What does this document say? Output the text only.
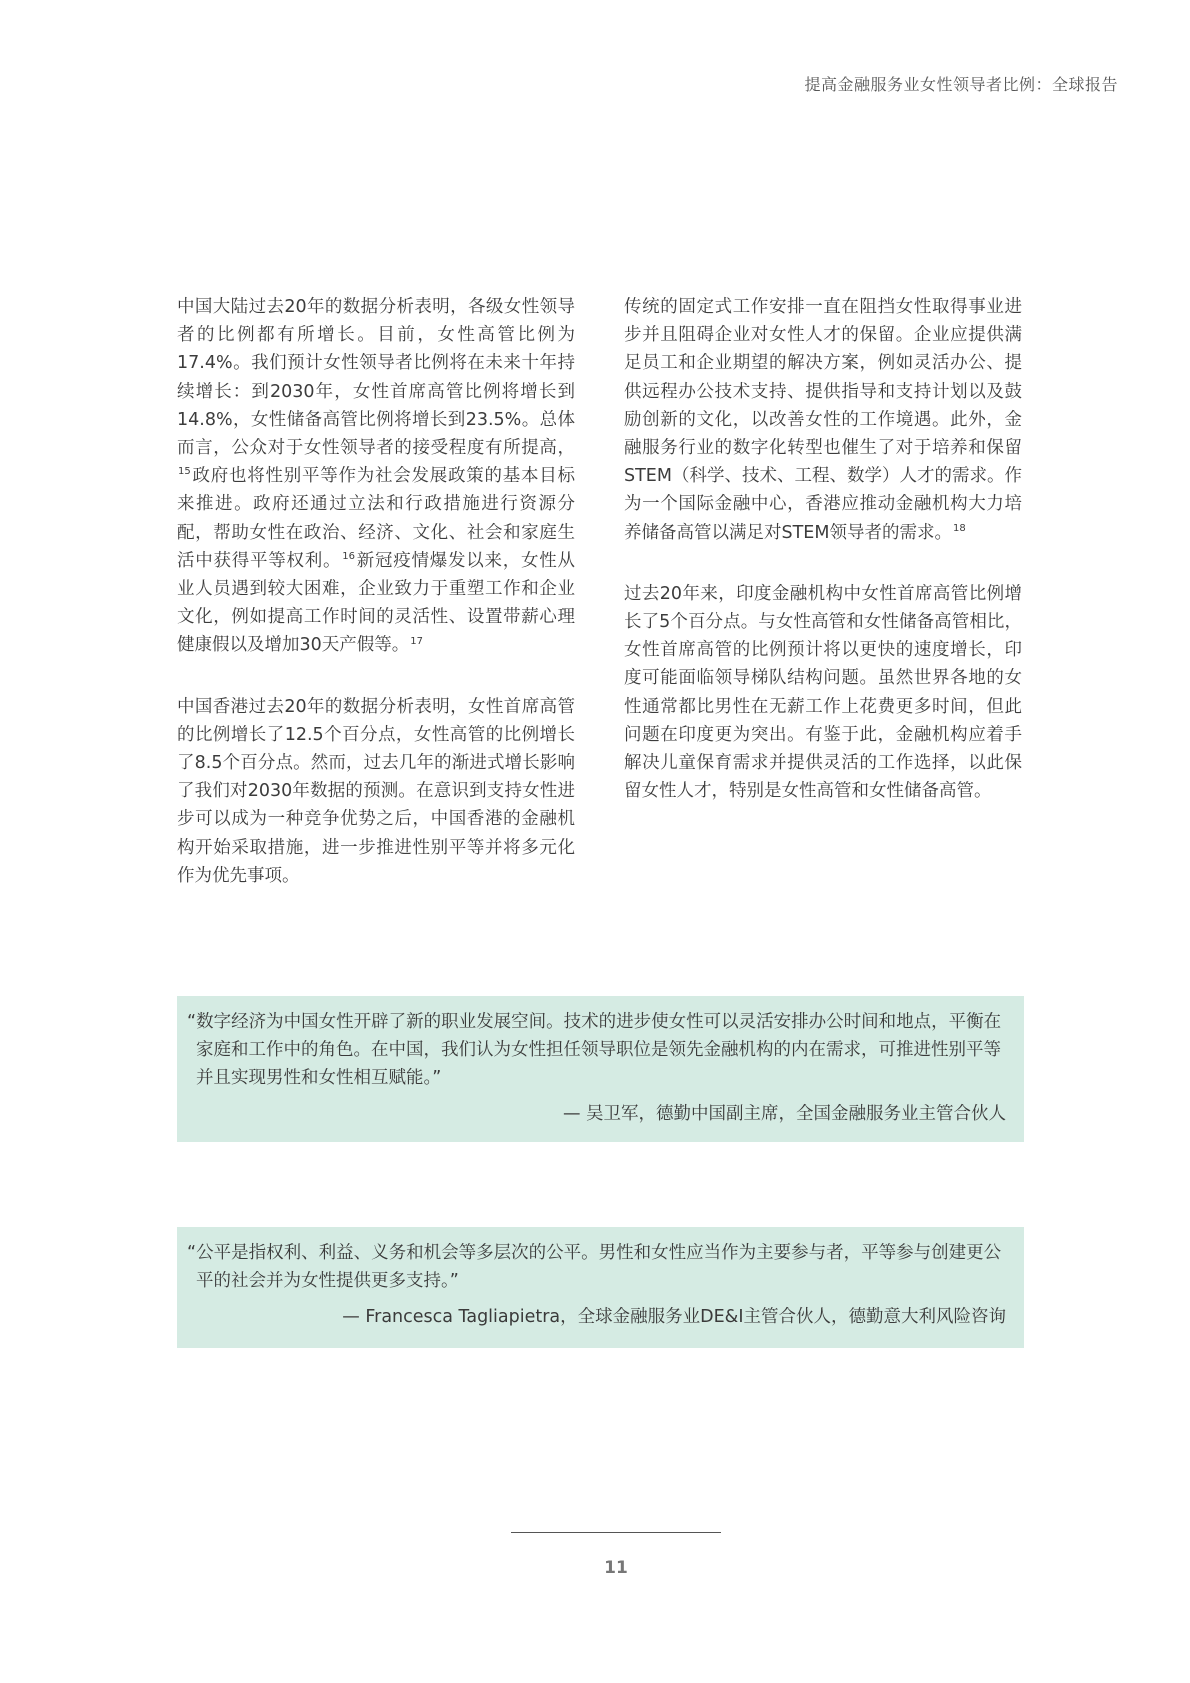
提高金融服务业女性领导者比例：全球报告

中国大陆过去20年的数据分析表明，各级女性领导者的比例都有所增长。目前，女性高管比例为17.4%。我们预计女性领导者比例将在未来十年持续增长：到2030年，女性首席高管比例将增长到14.8%，女性储备高管比例将增长到23.5%。总体而言，公众对于女性领导者的接受程度有所提高，$^{15}$政府也将性别平等作为社会发展政策的基本目标来推进。政府还通过立法和行政措施进行资源分配，帮助女性在政治、经济、文化、社会和家庭生活中获得平等权利。$^{16}$新冠疫情爆发以来，女性从业人员遇到较大困难，企业致力于重塑工作和企业文化，例如提高工作时间的灵活性、设置带薪心理健康假以及增加30天产假等。$^{17}$

中国香港过去20年的数据分析表明，女性首席高管的比例增长了12.5个百分点，女性高管的比例增长了8.5个百分点。然而，过去几年的渐进式增长影响了我们对2030年数据的预测。在意识到支持女性进步可以成为一种竞争优势之后，中国香港的金融机构开始采取措施，进一步推进性别平等并将多元化作为优先事项。

传统的固定式工作安排一直在阻挡女性取得事业进步并且阻碍企业对女性人才的保留。企业应提供满足员工和企业期望的解决方案，例如灵活办公、提供远程办公技术支持、提供指导和支持计划以及鼓励创新的文化，以改善女性的工作境遇。此外，金融服务行业的数字化转型也催生了对于培养和保留STEM（科学、技术、工程、数学）人才的需求。作为一个国际金融中心，香港应推动金融机构大力培养储备高管以满足对STEM领导者的需求。$^{18}$

过去20年来，印度金融机构中女性首席高管比例增长了5个百分点。与女性高管和女性储备高管相比，女性首席高管的比例预计将以更快的速度增长，印度可能面临领导梯队结构问题。虽然世界各地的女性通常都比男性在无薪工作上花费更多时间，但此问题在印度更为突出。有鉴于此，金融机构应着手解决儿童保育需求并提供灵活的工作选择，以此保留女性人才，特别是女性高管和女性储备高管。

“数字经济为中国女性开辟了新的职业发展空间。技术的进步使女性可以灵活安排办公时间和地点，平衡在家庭和工作中的角色。在中国，我们认为女性担任领导职位是领先金融机构的内在需求，可推进性别平等并且实现男性和女性相互赋能。”

— 吴卫军，德勤中国副主席，全国金融服务业主管合伙人

“公平是指权利、利益、义务和机会等多层次的公平。男性和女性应当作为主要参与者，平等参与创建更公平的社会并为女性提供更多支持。”

— Francesca Tagliapietra，全球金融服务业DE&I主管合伙人，德勤意大利风险咨询

11
